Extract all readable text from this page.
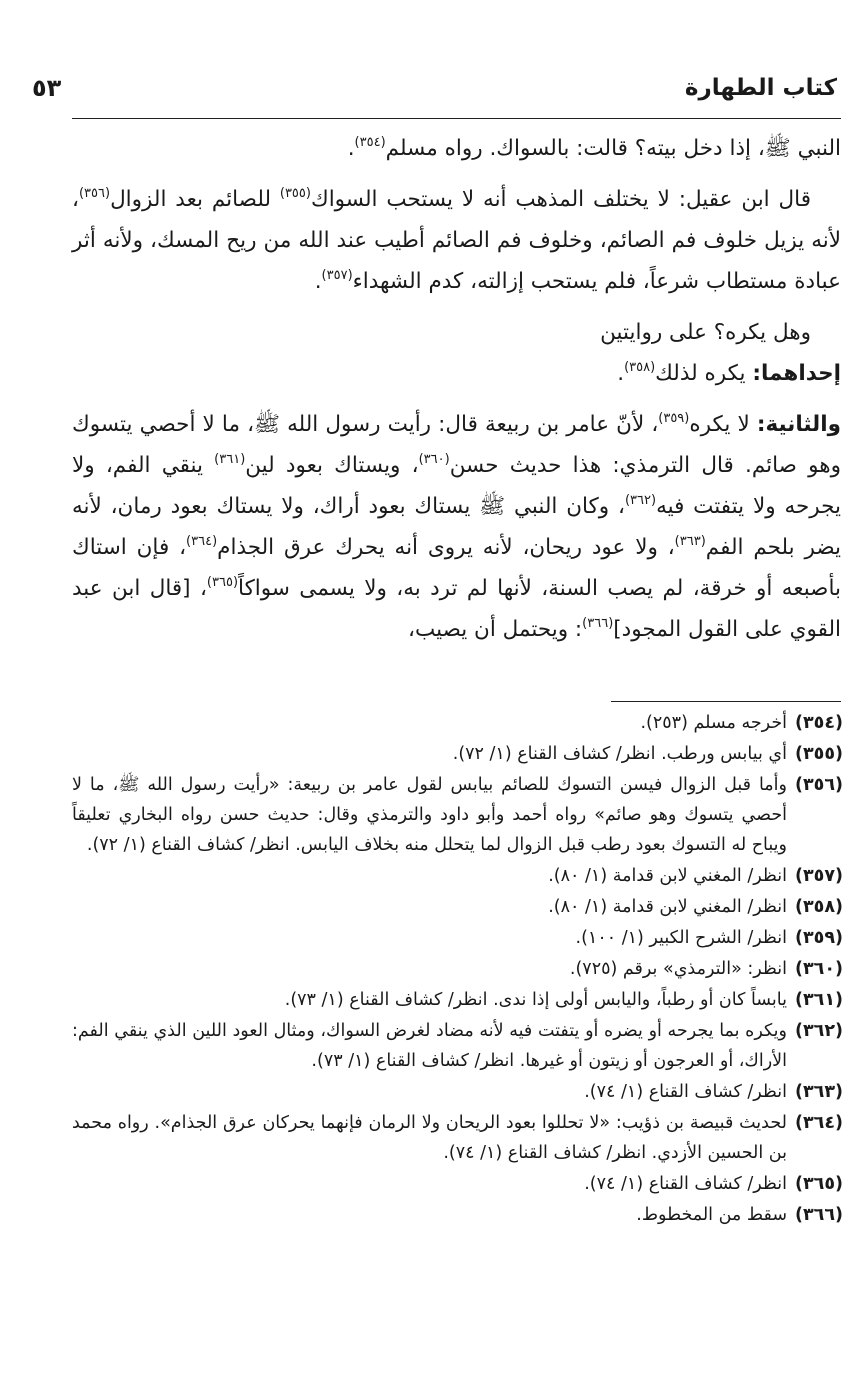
كتاب الطهارة
٥٣

النبي ﷺ، إذا دخل بيته؟ قالت: بالسواك. رواه مسلم$^{(٣٥٤)}$.

قال ابن عقيل: لا يختلف المذهب أنه لا يستحب السواك$^{(٣٥٥)}$ للصائم بعد الزوال$^{(٣٥٦)}$، لأنه يزيل خلوف فم الصائم، وخلوف فم الصائم أطيب عند الله من ريح المسك، ولأنه أثر عبادة مستطاب شرعاً، فلم يستحب إزالته، كدم الشهداء$^{(٣٥٧)}$.

وهل يكره؟ على روايتين

إحداهما: يكره لذلك$^{(٣٥٨)}$.

والثانية: لا يكره$^{(٣٥٩)}$، لأنّ عامر بن ربيعة قال: رأيت رسول الله ﷺ، ما لا أحصي يتسوك وهو صائم. قال الترمذي: هذا حديث حسن$^{(٣٦٠)}$، ويستاك بعود لين$^{(٣٦١)}$ ينقي الفم، ولا يجرحه ولا يتفتت فيه$^{(٣٦٢)}$، وكان النبي ﷺ يستاك بعود أراك، ولا يستاك بعود رمان، لأنه يضر بلحم الفم$^{(٣٦٣)}$، ولا عود ريحان، لأنه يروى أنه يحرك عرق الجذام$^{(٣٦٤)}$، فإن استاك بأصبعه أو خرقة، لم يصب السنة، لأنها لم ترد به، ولا يسمى سواكاً$^{(٣٦٥)}$، [قال ابن عبد القوي على القول المجود]$^{(٣٦٦)}$: ويحتمل أن يصيب،

(٣٥٤)
أخرجه مسلم (٢٥٣).
(٣٥٥)
أي بيابس ورطب. انظر/ كشاف القناع (١/ ٧٢).
(٣٥٦)
وأما قبل الزوال فيسن التسوك للصائم بيابس لقول عامر بن ربيعة: «رأيت رسول الله ﷺ، ما لا أحصي يتسوك وهو صائم» رواه أحمد وأبو داود والترمذي وقال: حديث حسن رواه البخاري تعليقاً ويباح له التسوك بعود رطب قبل الزوال لما يتحلل منه بخلاف اليابس. انظر/ كشاف القناع (١/ ٧٢).
(٣٥٧)
انظر/ المغني لابن قدامة (١/ ٨٠).
(٣٥٨)
انظر/ المغني لابن قدامة (١/ ٨٠).
(٣٥٩)
انظر/ الشرح الكبير (١/ ١٠٠).
(٣٦٠)
انظر: «الترمذي» برقم (٧٢٥).
(٣٦١)
يابساً كان أو رطباً، واليابس أولى إذا ندى. انظر/ كشاف القناع (١/ ٧٣).
(٣٦٢)
ويكره بما يجرحه أو يضره أو يتفتت فيه لأنه مضاد لغرض السواك، ومثال العود اللين الذي ينقي الفم: الأراك، أو العرجون أو زيتون أو غيرها. انظر/ كشاف القناع (١/ ٧٣).
(٣٦٣)
انظر/ كشاف القناع (١/ ٧٤).
(٣٦٤)
لحديث قبيصة بن ذؤيب: «لا تحللوا بعود الريحان ولا الرمان فإنهما يحركان عرق الجذام». رواه محمد بن الحسين الأزدي. انظر/ كشاف القناع (١/ ٧٤).
(٣٦٥)
انظر/ كشاف القناع (١/ ٧٤).
(٣٦٦)
سقط من المخطوط.
